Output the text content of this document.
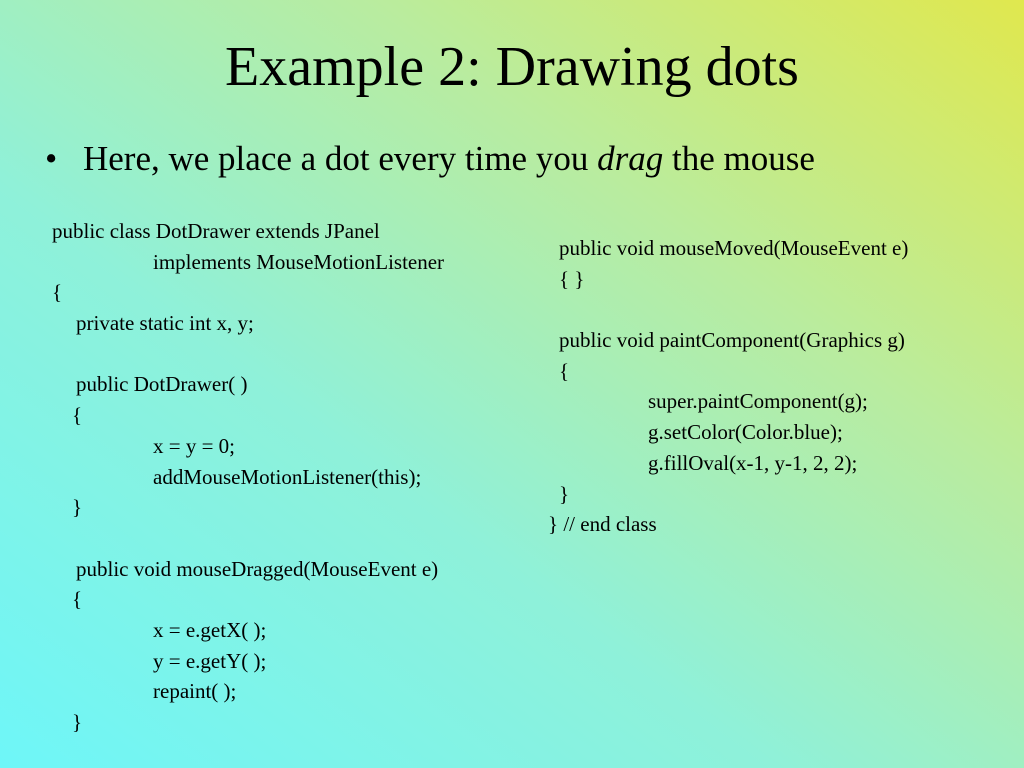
Example 2: Drawing dots
• Here, we place a dot every time you drag the mouse
public class DotDrawer extends JPanel
implements MouseMotionListener
{
private static int x, y;
public DotDrawer( )
{
x = y = 0;
addMouseMotionListener(this);
}
public void mouseDragged(MouseEvent e)
{
x = e.getX( );
y = e.getY( );
repaint( );
}
public void mouseMoved(MouseEvent e)
{ }
public void paintComponent(Graphics g)
{
super.paintComponent(g);
g.setColor(Color.blue);
g.fillOval(x-1, y-1, 2, 2);
}
} // end class
